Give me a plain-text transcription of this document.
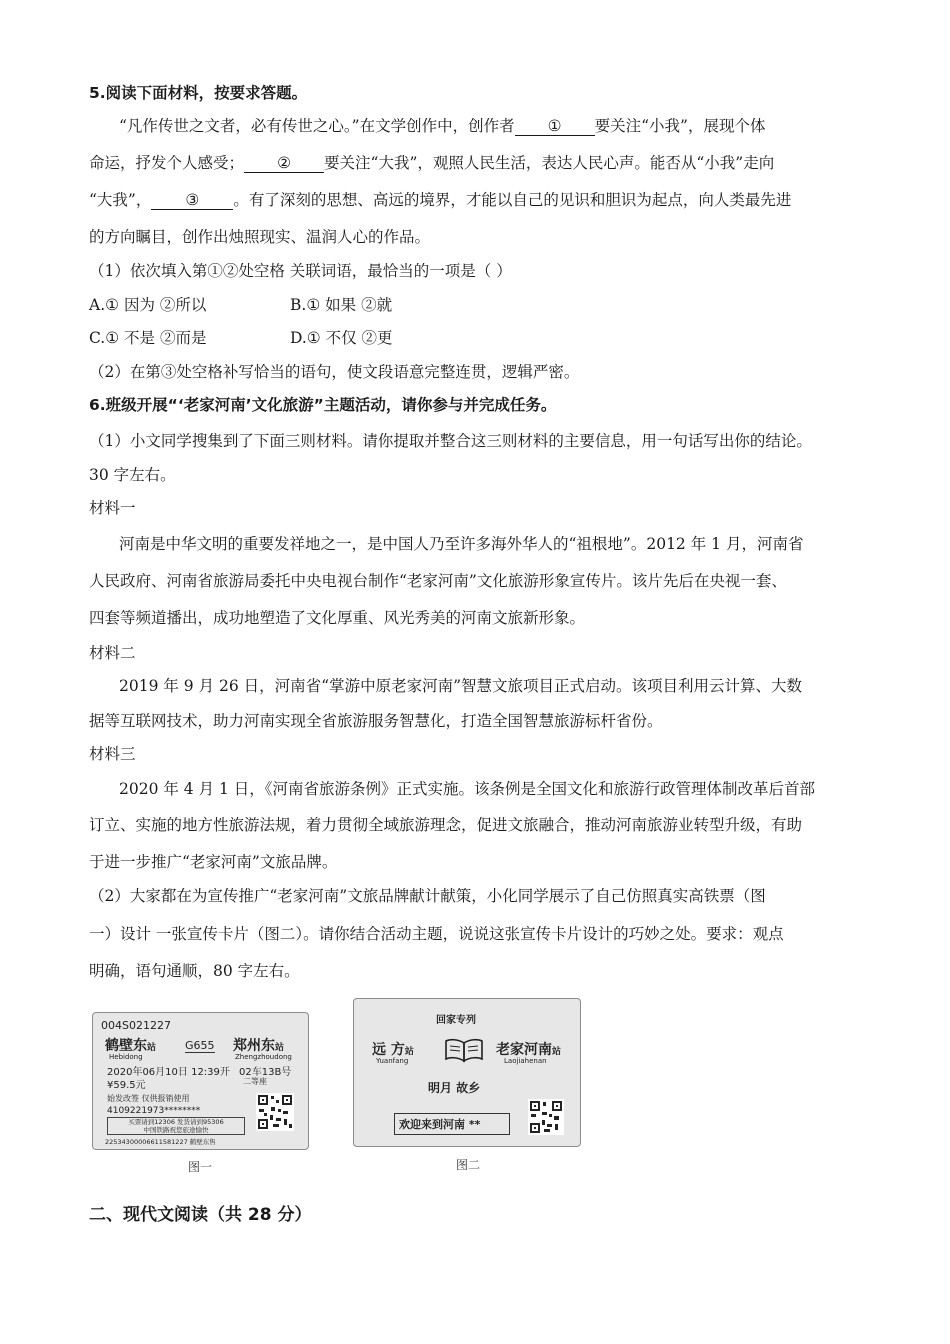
5.阅读下面材料，按要求答题。
“凡作传世之文者，必有传世之心。”在文学创作中，创作者 ① 要关注“小我”，展现个体
命运，抒发个人感受； ② 要关注“大我”，观照人民生活，表达人民心声。能否从“小我”走向
“大我”， ③ 。有了深刻的思想、高远的境界，才能以自己的见识和胆识为起点，向人类最先进
的方向瞩目，创作出烛照现实、温润人心的作品。
（1）依次填入第①②处空格 关联词语，最恰当的一项是（ ）
A.① 因为 ②所以	B.① 如果 ②就
C.① 不是 ②而是	D.① 不仅 ②更
（2）在第③处空格补写恰当的语句，使文段语意完整连贯，逻辑严密。
6.班级开展“‘老家河南’文化旅游”主题活动，请你参与并完成任务。
（1）小文同学搜集到了下面三则材料。请你提取并整合这三则材料的主要信息，用一句话写出你的结论。
30 字左右。
材料一
河南是中华文明的重要发祥地之一，是中国人乃至许多海外华人的“祖根地”。2012 年 1 月，河南省
人民政府、河南省旅游局委托中央电视台制作“老家河南”文化旅游形象宣传片。该片先后在央视一套、
四套等频道播出，成功地塑造了文化厚重、风光秀美的河南文旅新形象。
材料二
2019 年 9 月 26 日，河南省“掌游中原老家河南”智慧文旅项目正式启动。该项目利用云计算、大数
据等互联网技术，助力河南实现全省旅游服务智慧化，打造全国智慧旅游标杆省份。
材料三
2020 年 4 月 1 日，《河南省旅游条例》正式实施。该条例是全国文化和旅游行政管理体制改革后首部
订立、实施的地方性旅游法规，着力贯彻全域旅游理念，促进文旅融合，推动河南旅游业转型升级，有助
于进一步推广“老家河南”文旅品牌。
（2）大家都在为宣传推广“老家河南”文旅品牌献计献策，小化同学展示了自己仿照真实高铁票（图
一）设计 一张宣传卡片（图二）。请你结合活动主题，说说这张宣传卡片设计的巧妙之处。要求：观点
明确，语句通顺，80 字左右。
004S021227
鹤壁东站
Hebidong
G655 郑州东站
Zhengzhoudong
2020年06月10日 12:39开 02车13B号
¥59.5元	二等座
始发改签 仅供报销使用
4109221973********
买票请到12306 发货请到95306
中国铁路祝您旅途愉快
22534300006611581227 鹤壁东售
图一
回家专列
远 方站
Yuanfang
老家河南站
Laojiahenan
明月 故乡
欢迎来到河南 **
图二
二、现代文阅读（共 28 分）
